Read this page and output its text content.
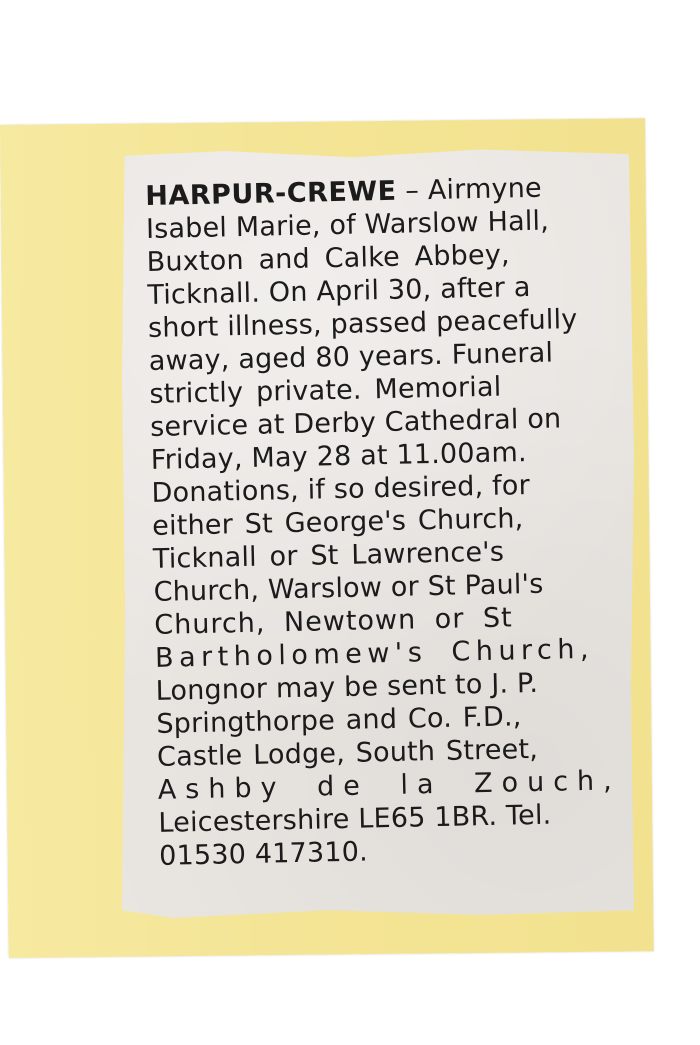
HARPUR-CREWE – Airmyne
Isabel Marie, of Warslow Hall,
Buxton and Calke Abbey,
Ticknall. On April 30, after a
short illness, passed peacefully
away, aged 80 years. Funeral
strictly private. Memorial
service at Derby Cathedral on
Friday, May 28 at 11.00am.
Donations, if so desired, for
either St George's Church,
Ticknall or St Lawrence's
Church, Warslow or St Paul's
Church, Newtown or St
Bartholomew's Church,
Longnor may be sent to J. P.
Springthorpe and Co. F.D.,
Castle Lodge, South Street,
Ashby de la Zouch,
Leicestershire LE65 1BR. Tel.
01530 417310.
